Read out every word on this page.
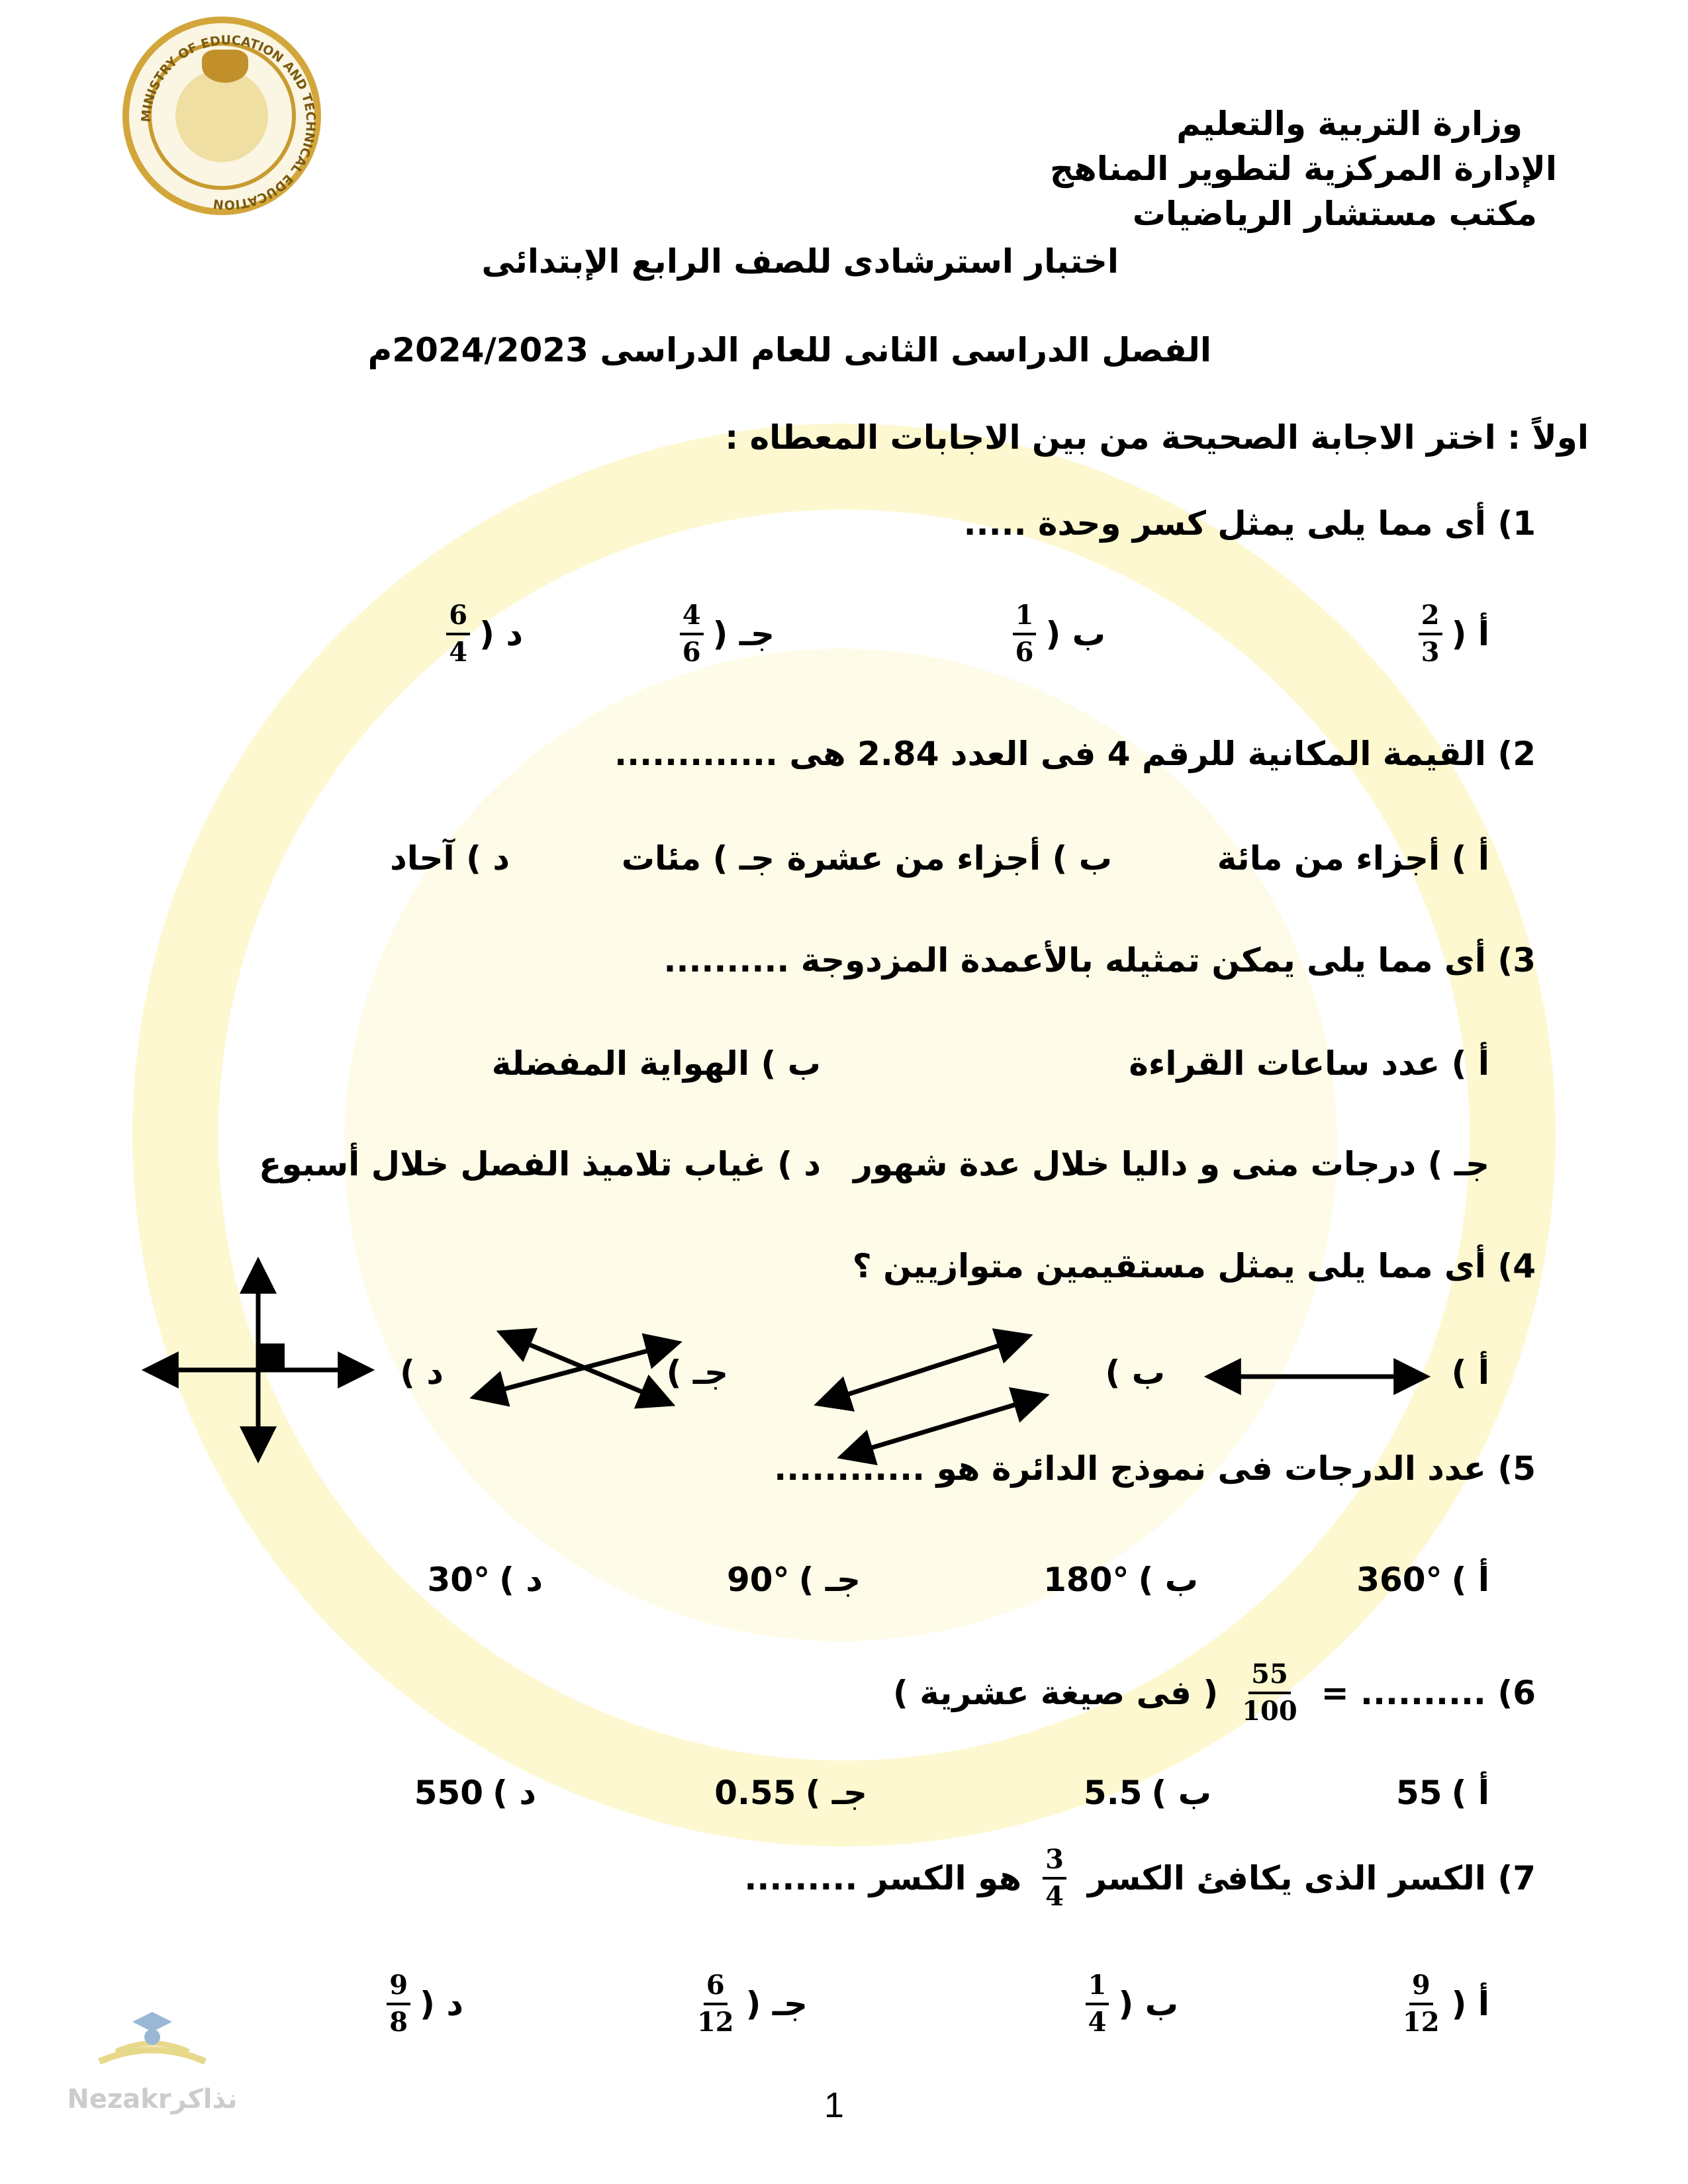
MINISTRY OF EDUCATION AND TECHNICAL EDUCATION
وزارة التربية والتعليم
الإدارة المركزية لتطوير المناهج
مكتب مستشار الرياضيات
اختبار استرشادى للصف الرابع الإبتدائى
الفصل الدراسى الثانى للعام الدراسى 2024/2023م
اولاً : اختر الاجابة الصحيحة من بين الاجابات المعطاه :
1) أى مما يلى يمثل كسر وحدة .....
أ (
$\frac{2}{3}$
ب (
$\frac{1}{6}$
جـ (
$\frac{4}{6}$
د (
$\frac{6}{4}$
2) القيمة المكانية للرقم 4 فى العدد 2.84 هى .............
أ ) أجزاء من مائة
ب ) أجزاء من عشرة
جـ ) مئات
د ) آحاد
3) أى مما يلى يمكن تمثيله بالأعمدة المزدوجة ..........
أ ) عدد ساعات القراءة
ب ) الهواية المفضلة
جـ ) درجات منى و داليا خلال عدة شهور
د ) غياب تلاميذ الفصل خلال أسبوع
4) أى مما يلى يمثل مستقيمين متوازيين ؟
أ )
ب )
جـ )
د )
5) عدد الدرجات فى نموذج الدائرة هو ............
أ )
360°
ب )
180°
جـ )
90°
د )
30°
6) .......... =
$\frac{55}{100}$
( فى صيغة عشرية )
أ )
55
ب )
5.5
جـ )
0.55
د )
550
7) الكسر الذى يكافئ الكسر
$\frac{3}{4}$
هو الكسر .........
أ (
$\frac{9}{12}$
ب (
$\frac{1}{4}$
جـ (
$\frac{6}{12}$
د (
$\frac{9}{8}$
Nezakrنذاكر	1
